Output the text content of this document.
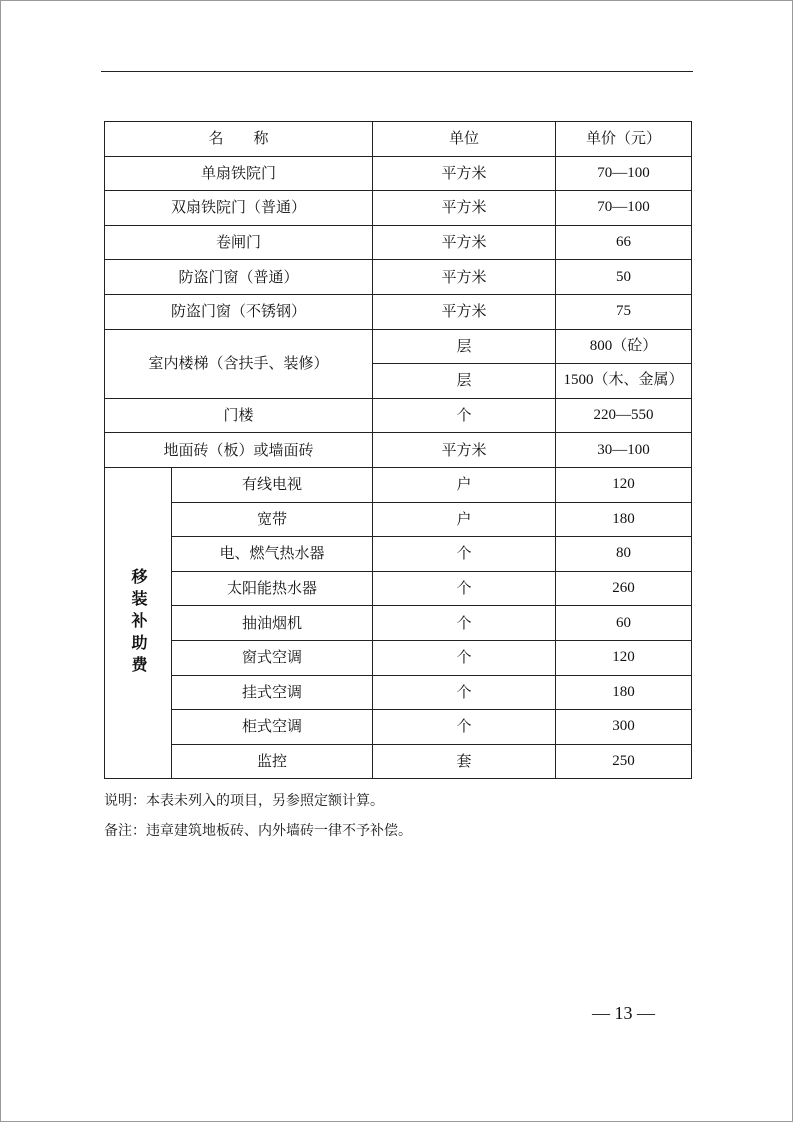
名　　称		单位	单价（元）
单扇铁院门		平方米	70—100
双扇铁院门（普通）		平方米	70—100
卷闸门		平方米	66
防盗门窗（普通）		平方米	50
防盗门窗（不锈钢）		平方米	75
室内楼梯（含扶手、装修）		层	800（砼）
		层	1500（木、金属）
门楼		个	220—550
地面砖（板）或墙面砖		平方米	30—100
移装补助费	有线电视	户	120
	宽带	户	180
	电、燃气热水器	个	80
	太阳能热水器	个	260
	抽油烟机	个	60
	窗式空调	个	120
	挂式空调	个	180
	柜式空调	个	300
	监控	套	250
说明：本表未列入的项目，另参照定额计算。
备注：违章建筑地板砖、内外墙砖一律不予补偿。
— 13 —
